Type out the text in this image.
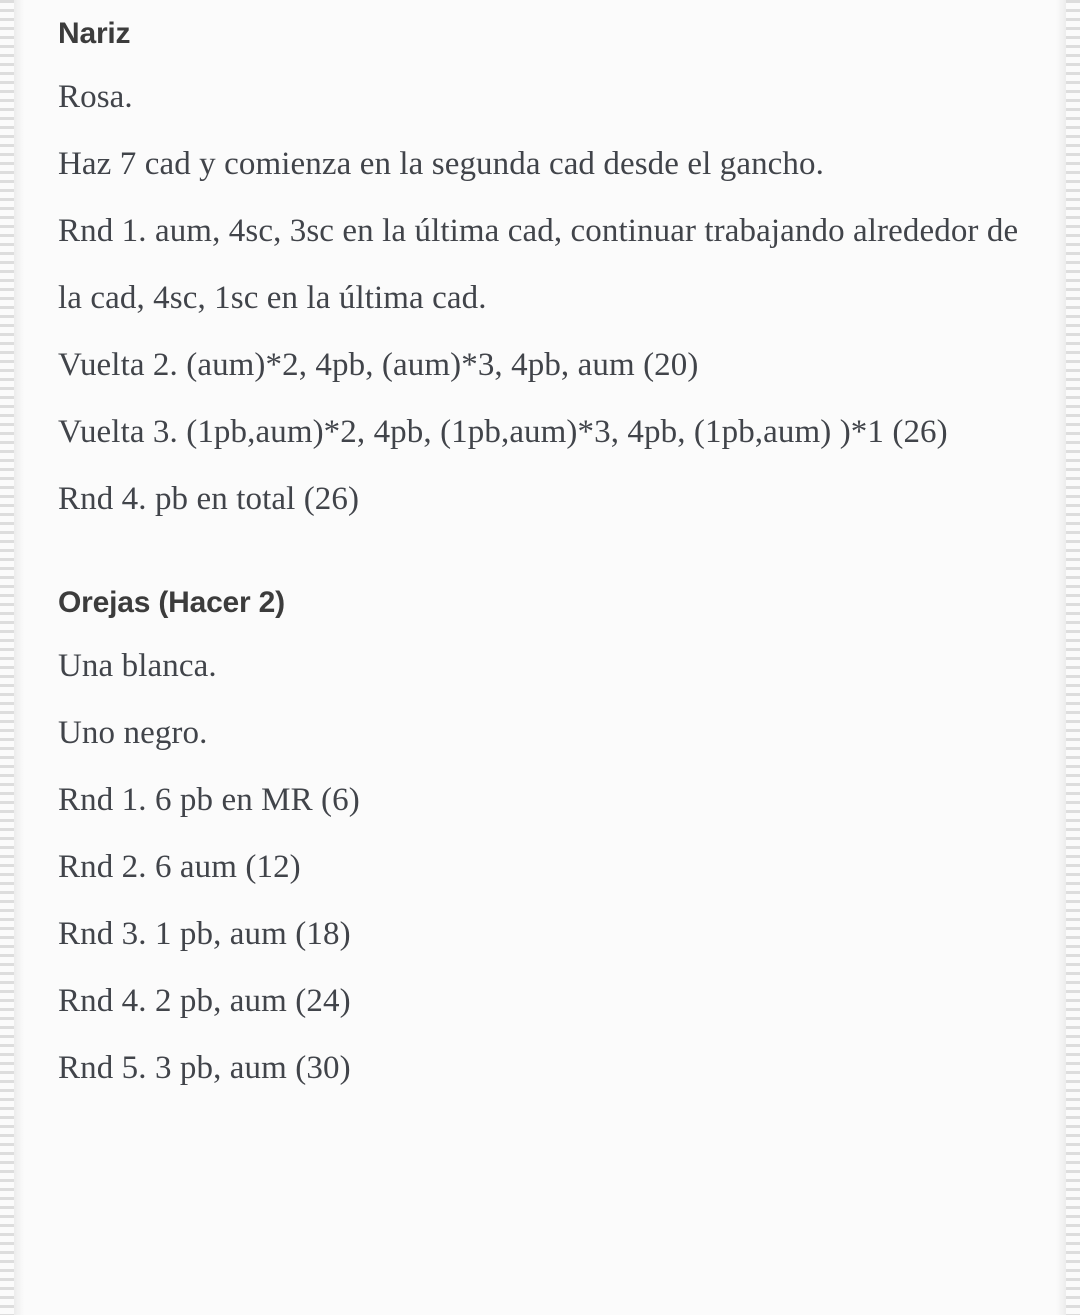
Nariz

Rosa.

Haz 7 cad y comienza en la segunda cad desde el gancho.

Rnd 1. aum, 4sc, 3sc en la última cad, continuar trabajando alrededor de la cad, 4sc, 1sc en la última cad.

Vuelta 2. (aum)*2, 4pb, (aum)*3, 4pb, aum (20)

Vuelta 3. (1pb,aum)*2, 4pb, (1pb,aum)*3, 4pb, (1pb,aum) )*1 (26)

Rnd 4. pb en total (26)

Orejas (Hacer 2)

Una blanca.

Uno negro.

Rnd 1. 6 pb en MR (6)

Rnd 2. 6 aum (12)

Rnd 3. 1 pb, aum (18)

Rnd 4. 2 pb, aum (24)

Rnd 5. 3 pb, aum (30)
